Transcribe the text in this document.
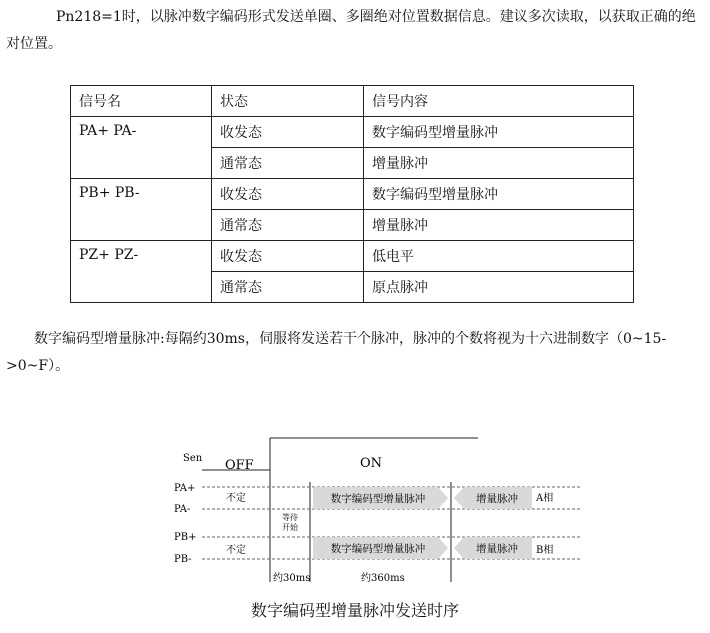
Pn218=1时，以脉冲数字编码形式发送单圈、多圈绝对位置数据信息。建议多次读取，以获取正确的绝对位置。

信号名	状态	信号内容
PA+ PA-	收发态	数字编码型增量脉冲
	通常态	增量脉冲
PB+ PB-	收发态	数字编码型增量脉冲
	通常态	增量脉冲
PZ+ PZ-	收发态	低电平
	通常态	原点脉冲

数字编码型增量脉冲:每隔约30ms，伺服将发送若干个脉冲，脉冲的个数将视为十六进制数字（0~15->0~F）。

Sen OFF	ON
PA+
PA-
PB+
PB-
不定
不定
等待
开始
数字编码型增量脉冲
数字编码型增量脉冲
增量脉冲
增量脉冲
A相
B相
约30ms	约360ms
数字编码型增量脉冲发送时序
